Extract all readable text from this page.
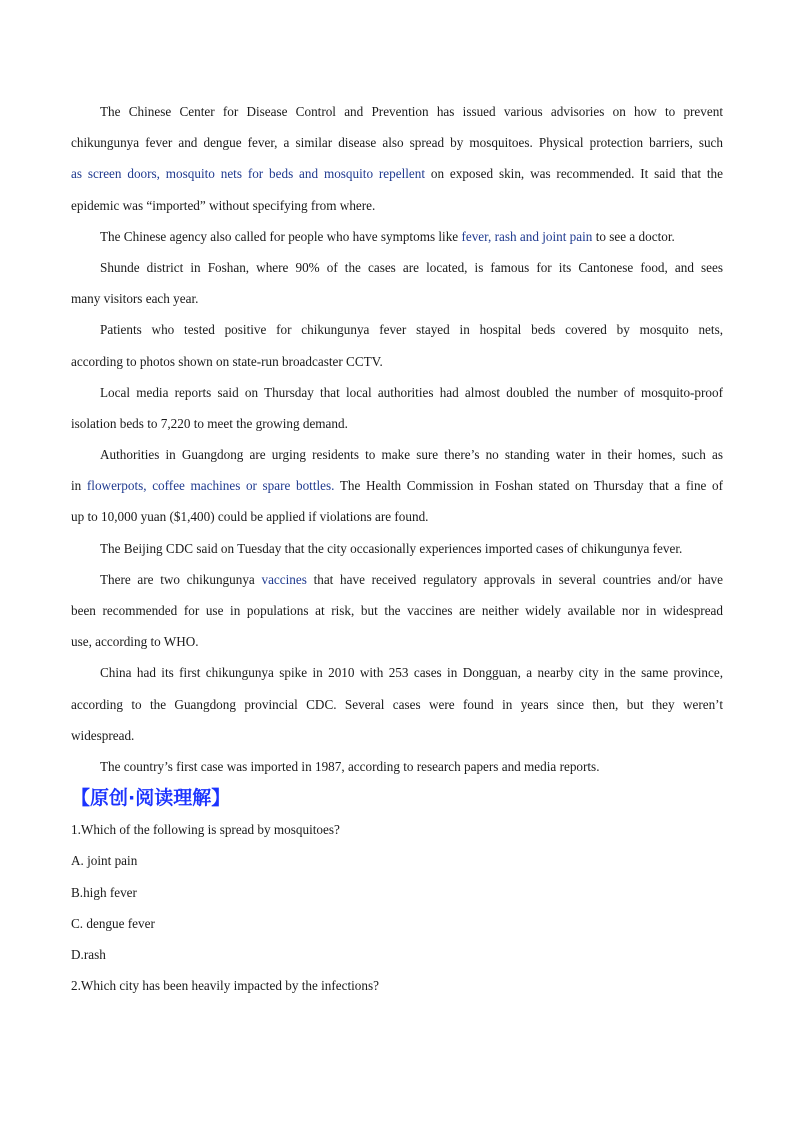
The Chinese Center for Disease Control and Prevention has issued various advisories on how to prevent
chikungunya fever and dengue fever, a similar disease also spread by mosquitoes. Physical protection barriers, such
as screen doors, mosquito nets for beds and mosquito repellent on exposed skin, was recommended. It said that the
epidemic was “imported” without specifying from where.
The Chinese agency also called for people who have symptoms like fever, rash and joint pain to see a doctor.
Shunde district in Foshan, where 90% of the cases are located, is famous for its Cantonese food, and sees
many visitors each year.
Patients who tested positive for chikungunya fever stayed in hospital beds covered by mosquito nets,
according to photos shown on state-run broadcaster CCTV.
Local media reports said on Thursday that local authorities had almost doubled the number of mosquito-proof
isolation beds to 7,220 to meet the growing demand.
Authorities in Guangdong are urging residents to make sure there’s no standing water in their homes, such as
in flowerpots, coffee machines or spare bottles. The Health Commission in Foshan stated on Thursday that a fine of
up to 10,000 yuan ($1,400) could be applied if violations are found.
The Beijing CDC said on Tuesday that the city occasionally experiences imported cases of chikungunya fever.
There are two chikungunya vaccines that have received regulatory approvals in several countries and/or have
been recommended for use in populations at risk, but the vaccines are neither widely available nor in widespread
use, according to WHO.
China had its first chikungunya spike in 2010 with 253 cases in Dongguan, a nearby city in the same province,
according to the Guangdong provincial CDC. Several cases were found in years since then, but they weren’t
widespread.
The country’s first case was imported in 1987, according to research papers and media reports.
【原创·阅读理解】
1.Which of the following is spread by mosquitoes?
A. joint pain
B.high fever
C. dengue fever
D.rash
2.Which city has been heavily impacted by the infections?
